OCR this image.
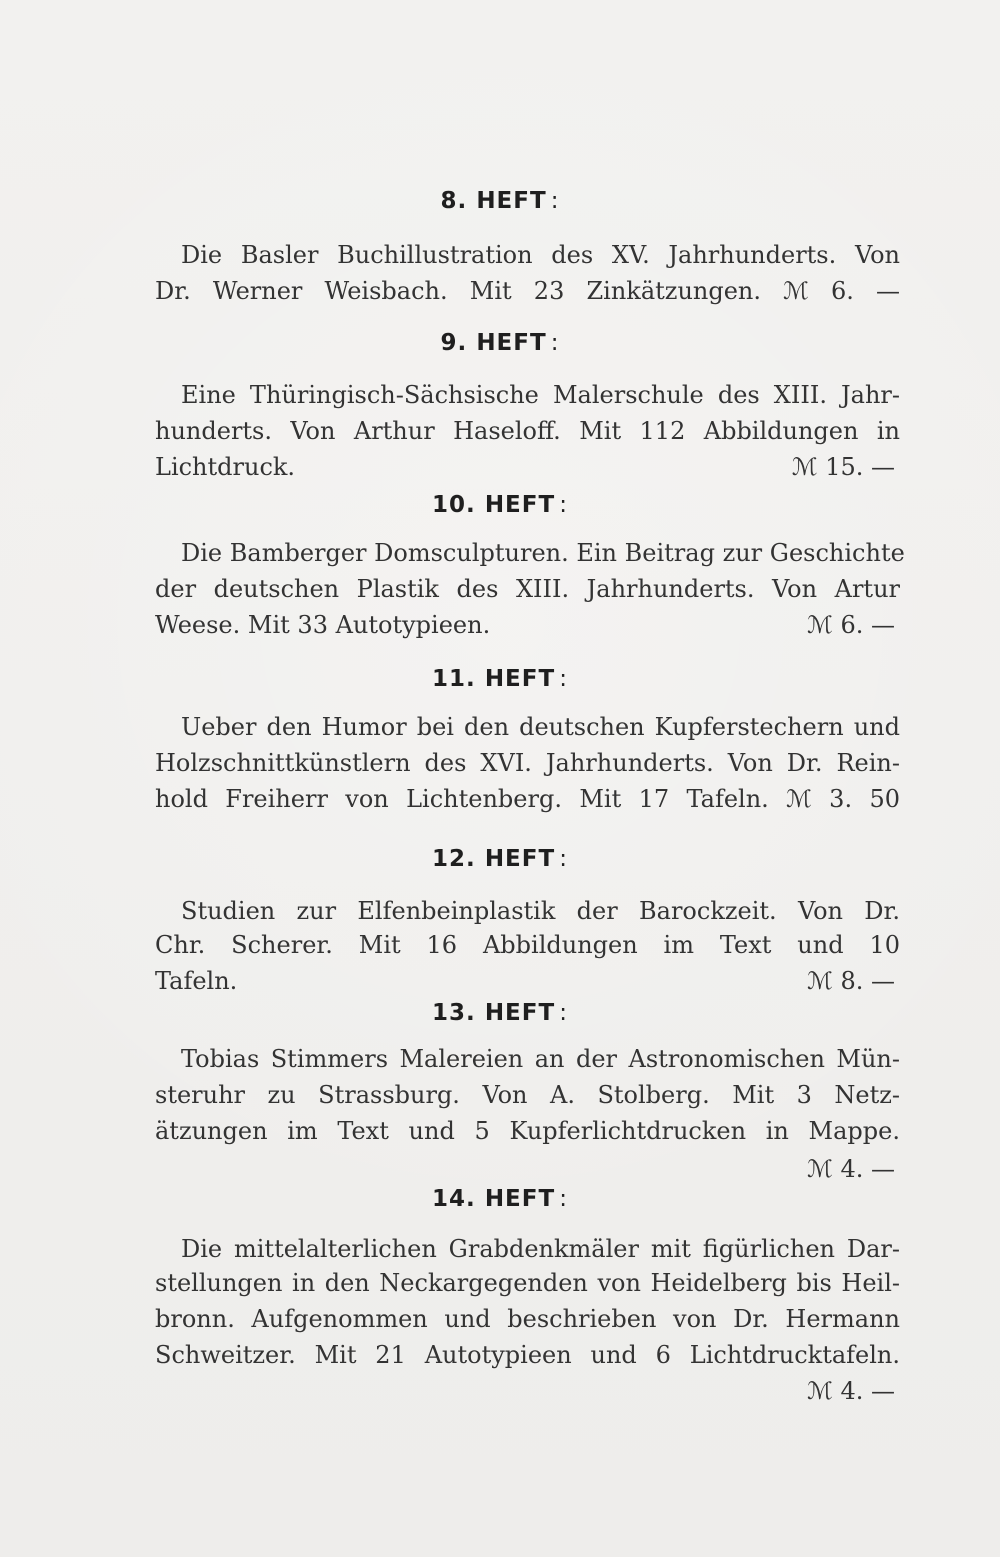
8. HEFT :

Die Basler Buchillustration des XV. Jahrhunderts. Von

Dr. Werner Weisbach. Mit 23 Zinkätzungen. ℳ 6. —

9. HEFT :

Eine Thüringisch-Sächsische Malerschule des XIII. Jahr-

hunderts. Von Arthur Haseloff. Mit 112 Abbildungen in

Lichtdruck.	ℳ 15. —
10. HEFT :

Die Bamberger Domsculpturen. Ein Beitrag zur Geschichte

der deutschen Plastik des XIII. Jahrhunderts. Von Artur

Weese. Mit 33 Autotypieen.	ℳ 6. —
11. HEFT :

Ueber den Humor bei den deutschen Kupferstechern und

Holzschnittkünstlern des XVI. Jahrhunderts. Von Dr. Rein-

hold Freiherr von Lichtenberg. Mit 17 Tafeln. ℳ 3. 50

12. HEFT :

Studien zur Elfenbeinplastik der Barockzeit. Von Dr.

Chr. Scherer. Mit 16 Abbildungen im Text und 10

Tafeln.	ℳ 8. —
13. HEFT :

Tobias Stimmers Malereien an der Astronomischen Mün-

steruhr zu Strassburg. Von A. Stolberg. Mit 3 Netz-

ätzungen im Text und 5 Kupferlichtdrucken in Mappe.

ℳ 4. —
14. HEFT :

Die mittelalterlichen Grabdenkmäler mit figürlichen Dar-

stellungen in den Neckargegenden von Heidelberg bis Heil-

bronn. Aufgenommen und beschrieben von Dr. Hermann

Schweitzer. Mit 21 Autotypieen und 6 Lichtdrucktafeln.

ℳ 4. —
